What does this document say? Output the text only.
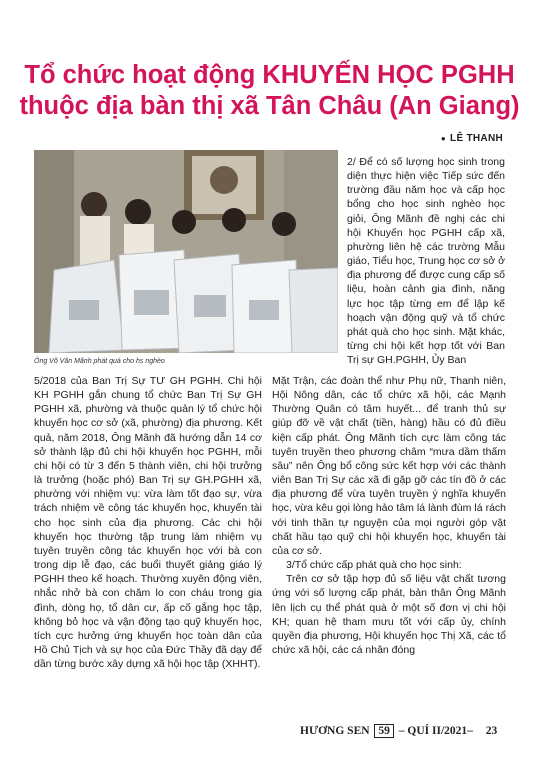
Tổ chức hoạt động KHUYẾN HỌC PGHH
thuộc địa bàn thị xã Tân Châu (An Giang)
● LÊ THANH
Ông Võ Văn Mãnh phát quà cho hs nghèo

2/ Để có số lượng học sinh trong diện thực hiện việc Tiếp sức đến trường đầu năm học và cấp học bổng cho học sinh nghèo học giỏi, Ông Mãnh đề nghị các chi hội Khuyến học PGHH cấp xã, phường liên hệ các trường Mẫu giáo, Tiểu học, Trung học cơ sở ở địa phương để được cung cấp số liệu, hoàn cảnh gia đình, năng lực học tập từng em để lập kế hoạch vận động quỹ và tổ chức phát quà cho học sinh. Mặt khác, từng chi hội kết hợp tốt với Ban Trị sự GH.PGHH, Ủy Ban

5/2018 của Ban Trị Sự TƯ GH PGHH. Chi hội KH PGHH gắn chung tổ chức Ban Trị Sự GH PGHH xã, phường và thuộc quản lý tổ chức hội khuyến học cơ sở (xã, phường) địa phương. Kết quả, năm 2018, Ông Mãnh đã hướng dẫn 14 cơ sở thành lập đủ chi hội khuyến học PGHH, mỗi chi hội có từ 3 đến 5 thành viên, chi hội trưởng là trưởng (hoặc phó) Ban Trị sự GH.PGHH xã, phường với nhiệm vụ: vừa làm tốt đạo sự, vừa trách nhiệm về công tác khuyến học, khuyến tài cho học sinh của địa phương. Các chi hội khuyến học thường tập trung làm nhiệm vụ tuyên truyền công tác khuyến học với bà con trong dịp lễ đạo, các buổi thuyết giảng giáo lý PGHH theo kế hoạch. Thường xuyên động viên, nhắc nhở bà con chăm lo con cháu trong gia đình, dòng họ, tổ dân cư, ấp cố gắng học tập, không bỏ học và vận động tạo quỹ khuyến học, tích cực hưởng ứng khuyến học toàn dân của Hồ Chủ Tịch và sự học của Đức Thầy đã dạy để dần từng bước xây dựng xã hội học tập (XHHT).

Mặt Trận, các đoàn thể như Phụ nữ, Thanh niên, Hội Nông dân, các tổ chức xã hội, các Mạnh Thường Quân có tâm huyết... để tranh thủ sự giúp đỡ về vật chất (tiền, hàng) hầu có đủ điều kiện cấp phát. Ông Mãnh tích cực làm công tác tuyên truyền theo phương châm “mưa dầm thấm sâu” nên Ông bổ công sức kết hợp với các thành viên Ban Trị Sự các xã đi gặp gỡ các tín đồ ở các địa phương để vừa tuyên truyền ý nghĩa khuyến học, vừa kêu gọi lòng hảo tâm lá lành đùm lá rách với tinh thần tự nguyện của mọi người góp vật chất hầu tạo quỹ chi hội khuyến học, khuyến tài của cơ sở.

3/Tổ chức cấp phát quà cho học sinh:

Trên cơ sở tập hợp đủ số liệu vật chất tương ứng với số lượng cấp phát, bản thân Ông Mãnh lên lịch cụ thể phát quà ở một số đơn vị chi hội KH; quan hệ tham mưu tốt với cấp ủy, chính quyền địa phương, Hội khuyến học Thị Xã, các tổ chức xã hội, các cá nhân đóng

HƯƠNG SEN 59 – QUÍ II/2021– 23
